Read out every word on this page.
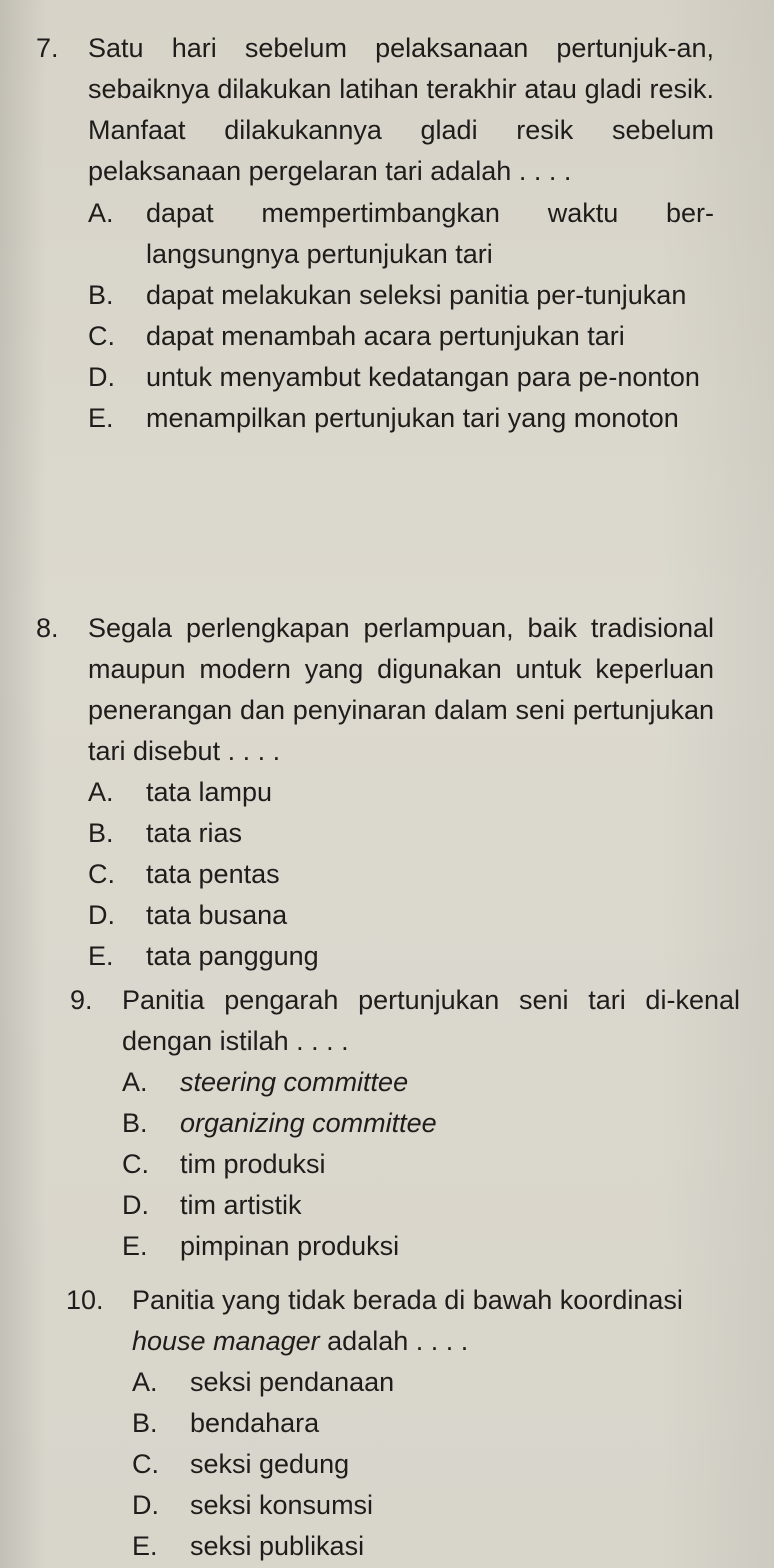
7. Satu hari sebelum pelaksanaan pertunjuk-an, sebaiknya dilakukan latihan terakhir atau gladi resik. Manfaat dilakukannya gladi resik sebelum pelaksanaan pergelaran tari adalah . . . .
A. dapat mempertimbangkan waktu ber-langsungnya pertunjukan tari
B. dapat melakukan seleksi panitia per-tunjukan
C. dapat menambah acara pertunjukan tari
D. untuk menyambut kedatangan para pe-nonton
E. menampilkan pertunjukan tari yang monoton
8. Segala perlengkapan perlampuan, baik tradisional maupun modern yang digunakan untuk keperluan penerangan dan penyinaran dalam seni pertunjukan tari disebut . . . .
A. tata lampu
B. tata rias
C. tata pentas
D. tata busana
E. tata panggung
9. Panitia pengarah pertunjukan seni tari di-kenal dengan istilah . . . .
A. steering committee
B. organizing committee
C. tim produksi
D. tim artistik
E. pimpinan produksi
10. Panitia yang tidak berada di bawah koordinasi house manager adalah . . . .
A. seksi pendanaan
B. bendahara
C. seksi gedung
D. seksi konsumsi
E. seksi publikasi
